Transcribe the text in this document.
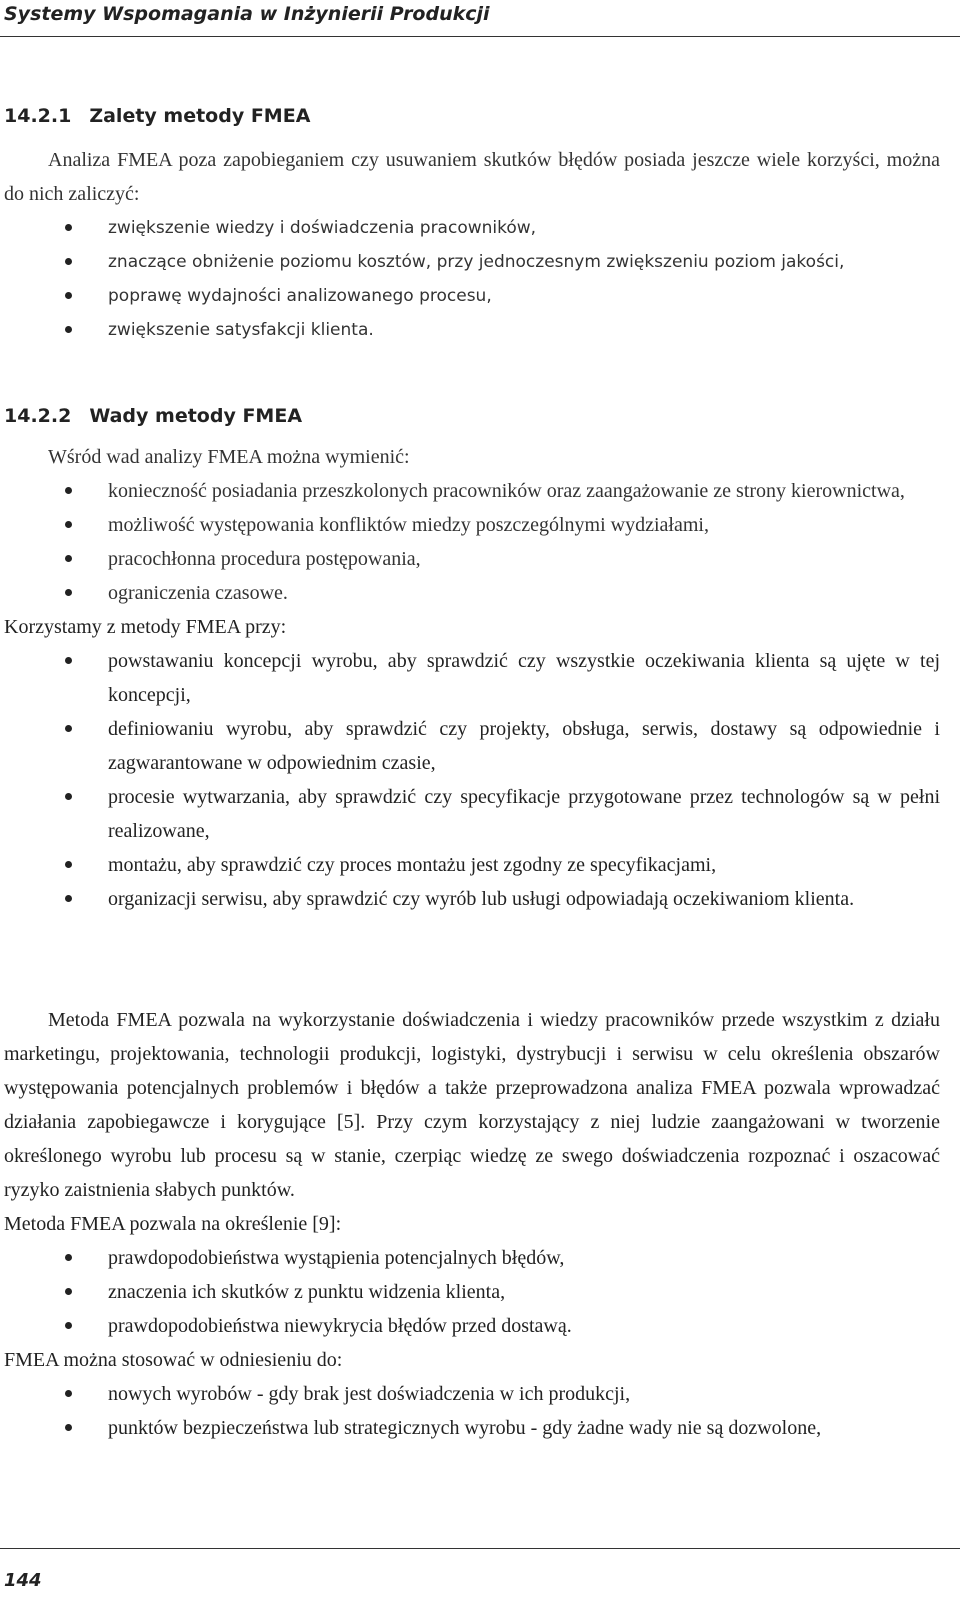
Systemy Wspomagania w Inżynierii Produkcji
14.2.1 Zalety metody FMEA

Analiza FMEA poza zapobieganiem czy usuwaniem skutków błędów posiada jeszcze wiele korzyści, można do nich zaliczyć:

zwiększenie wiedzy i doświadczenia pracowników,
znaczące obniżenie poziomu kosztów, przy jednoczesnym zwiększeniu poziom jakości,
poprawę wydajności analizowanego procesu,
zwiększenie satysfakcji klienta.
14.2.2 Wady metody FMEA

Wśród wad analizy FMEA można wymienić:

konieczność posiadania przeszkolonych pracowników oraz zaangażowanie ze strony kierownictwa,
możliwość występowania konfliktów miedzy poszczególnymi wydziałami,
pracochłonna procedura postępowania,
ograniczenia czasowe.

Korzystamy z metody FMEA przy:

powstawaniu koncepcji wyrobu, aby sprawdzić czy wszystkie oczekiwania klienta są ujęte w tej koncepcji,
definiowaniu wyrobu, aby sprawdzić czy projekty, obsługa, serwis, dostawy są odpowiednie i zagwarantowane w odpowiednim czasie,
procesie wytwarzania, aby sprawdzić czy specyfikacje przygotowane przez technologów są w pełni realizowane,
montażu, aby sprawdzić czy proces montażu jest zgodny ze specyfikacjami,
organizacji serwisu, aby sprawdzić czy wyrób lub usługi odpowiadają oczekiwaniom klienta.

Metoda FMEA pozwala na wykorzystanie doświadczenia i wiedzy pracowników przede wszystkim z działu marketingu, projektowania, technologii produkcji, logistyki, dystrybucji i serwisu w celu określenia obszarów występowania potencjalnych problemów i błędów a także przeprowadzona analiza FMEA pozwala wprowadzać działania zapobiegawcze i korygujące [5]. Przy czym korzystający z niej ludzie zaangażowani w tworzenie określonego wyrobu lub procesu są w stanie, czerpiąc wiedzę ze swego doświadczenia rozpoznać i oszacować ryzyko zaistnienia słabych punktów.

Metoda FMEA pozwala na określenie [9]:

prawdopodobieństwa wystąpienia potencjalnych błędów,
znaczenia ich skutków z punktu widzenia klienta,
prawdopodobieństwa niewykrycia błędów przed dostawą.

FMEA można stosować w odniesieniu do:

nowych wyrobów - gdy brak jest doświadczenia w ich produkcji,
punktów bezpieczeństwa lub strategicznych wyrobu - gdy żadne wady nie są dozwolone,
144
